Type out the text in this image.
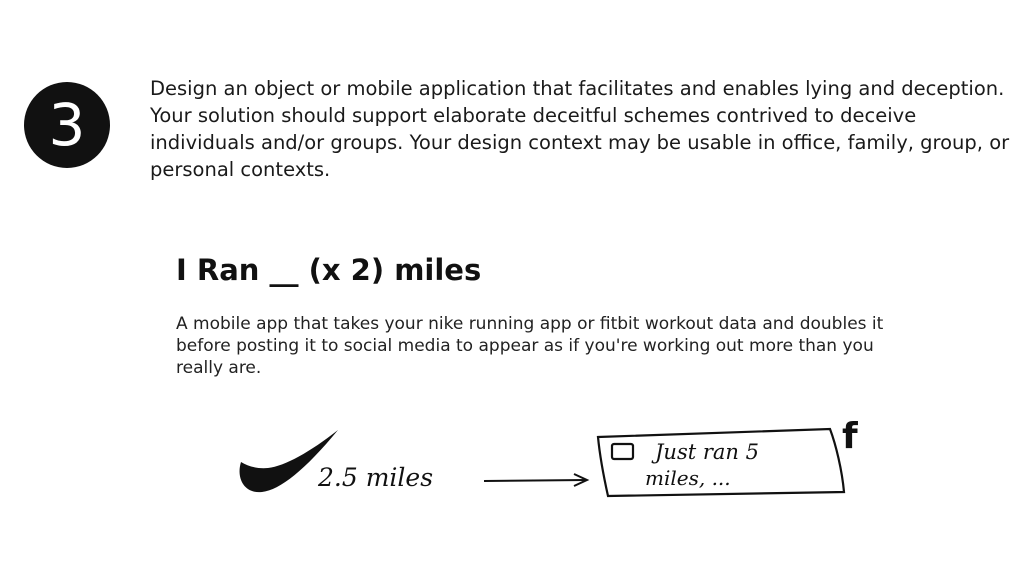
3
Design an object or mobile application that facilitates and enables lying and deception. Your solution should support elaborate deceitful schemes contrived to deceive individuals and/or groups. Your design context may be usable in office, family, group, or personal contexts.
I Ran __ (x 2) miles
A mobile app that takes your nike running app or fitbit workout data and doubles it before posting it to social media to appear as if you're working out more than you really are.
2.5 miles
Just ran 5
miles, ...
f
